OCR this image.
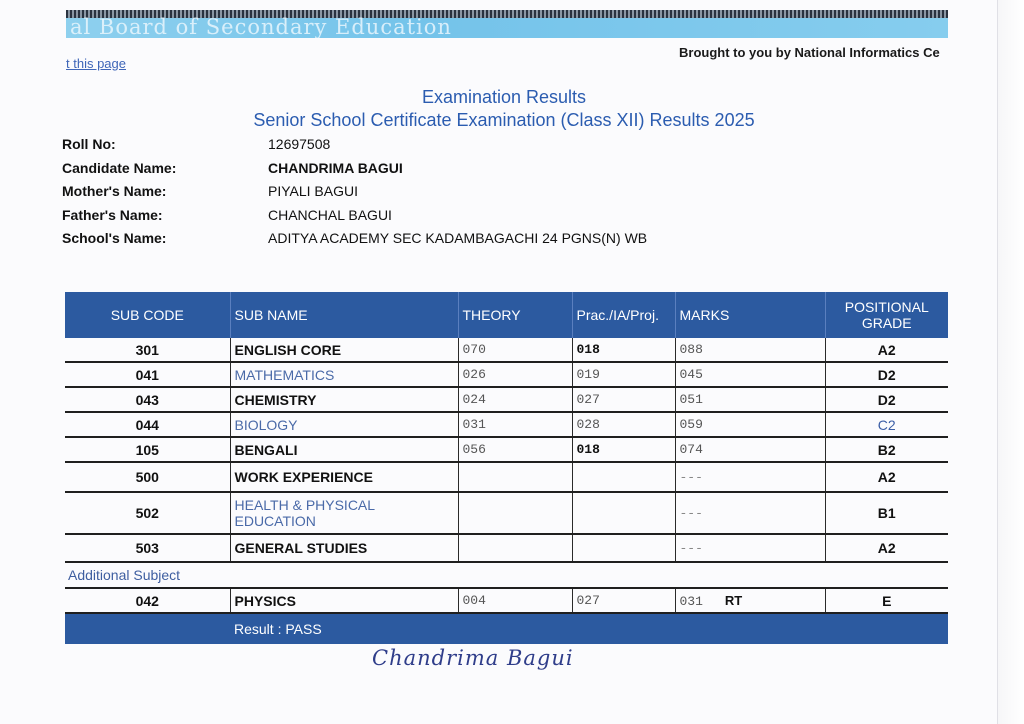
al Board of Secondary Education
Brought to you by National Informatics Ce
t this page
Examination Results
Senior School Certificate Examination (Class XII) Results 2025
Roll No:	12697508
Candidate Name:	CHANDRIMA BAGUI
Mother's Name:	PIYALI BAGUI
Father's Name:	CHANCHAL BAGUI
School's Name:	ADITYA ACADEMY SEC KADAMBAGACHI 24 PGNS(N) WB
SUB CODE	SUB NAME	THEORY	Prac./IA/Proj.	MARKS	POSITIONAL GRADE
301	ENGLISH CORE	070	018	088	A2
041	MATHEMATICS	026	019	045	D2
043	CHEMISTRY	024	027	051	D2
044	BIOLOGY	031	028	059	C2
105	BENGALI	056	018	074	B2
500	WORK EXPERIENCE			---	A2
502	HEALTH & PHYSICAL EDUCATION			---	B1
503	GENERAL STUDIES			---	A2
Additional Subject					
042	PHYSICS	004	027	031 RT	E
	Result : PASS				
Chandrima Bagui
